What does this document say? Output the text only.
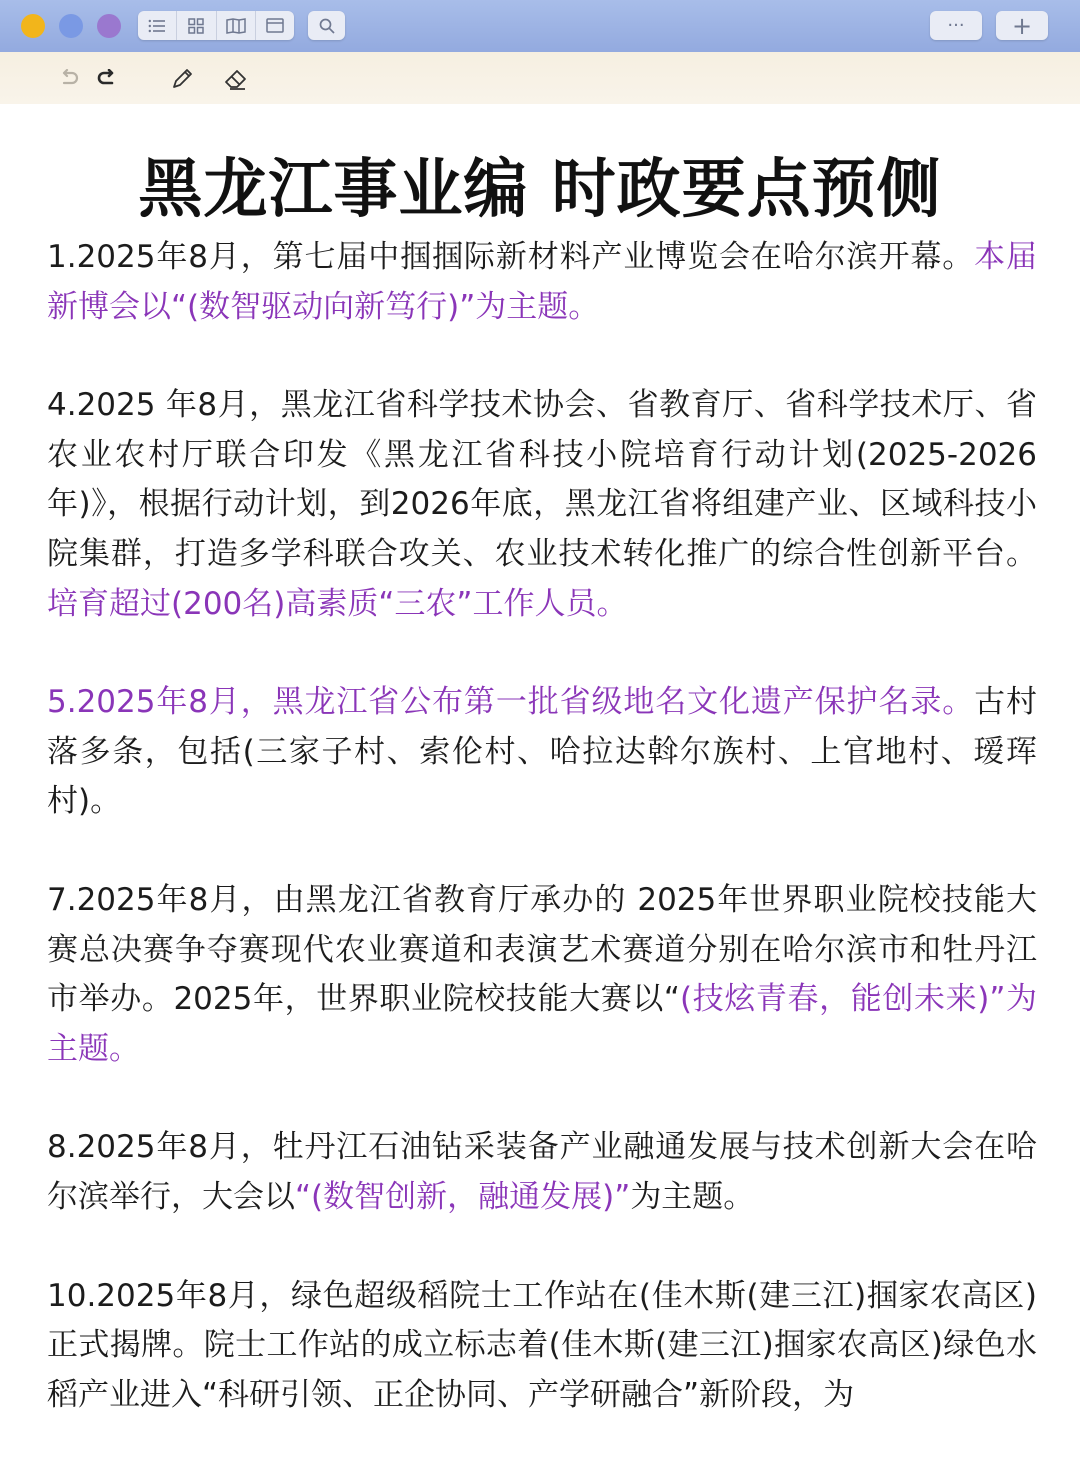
··· +
黑龙江事业编 时政要点预侧

1.2025年8月，第七届中掴掴际新材料产业博览会在哈尔滨开幕。本届新博会以“(数智驱动向新笃行)”为主题。

4.2025 年8月，黑龙江省科学技术协会、省教育厅、省科学技术厅、省农业农村厅联合印发《黑龙江省科技小院培育行动计划(2025-2026年)》，根据行动计划，到2026年底，黑龙江省将组建产业、区域科技小院集群，打造多学科联合攻关、农业技术转化推广的综合性创新平台。培育超过(200名)高素质“三农”工作人员。

5.2025年8月，黑龙江省公布第一批省级地名文化遗产保护名录。古村落多条，包括(三家子村、索伦村、哈拉达斡尔族村、上官地村、瑷珲村)。

7.2025年8月，由黑龙江省教育厅承办的 2025年世界职业院校技能大赛总决赛争夺赛现代农业赛道和表演艺术赛道分别在哈尔滨市和牡丹江市举办。2025年，世界职业院校技能大赛以“(技炫青春，能创未来)”为主题。

8.2025年8月，牡丹江石油钻采装备产业融通发展与技术创新大会在哈尔滨举行，大会以“(数智创新，融通发展)”为主题。

10.2025年8月，绿色超级稻院士工作站在(佳木斯(建三江)掴家农高区)正式揭牌。院士工作站的成立标志着(佳木斯(建三江)掴家农高区)绿色水稻产业进入“科研引领、正企协同、产学研融合”新阶段，为
